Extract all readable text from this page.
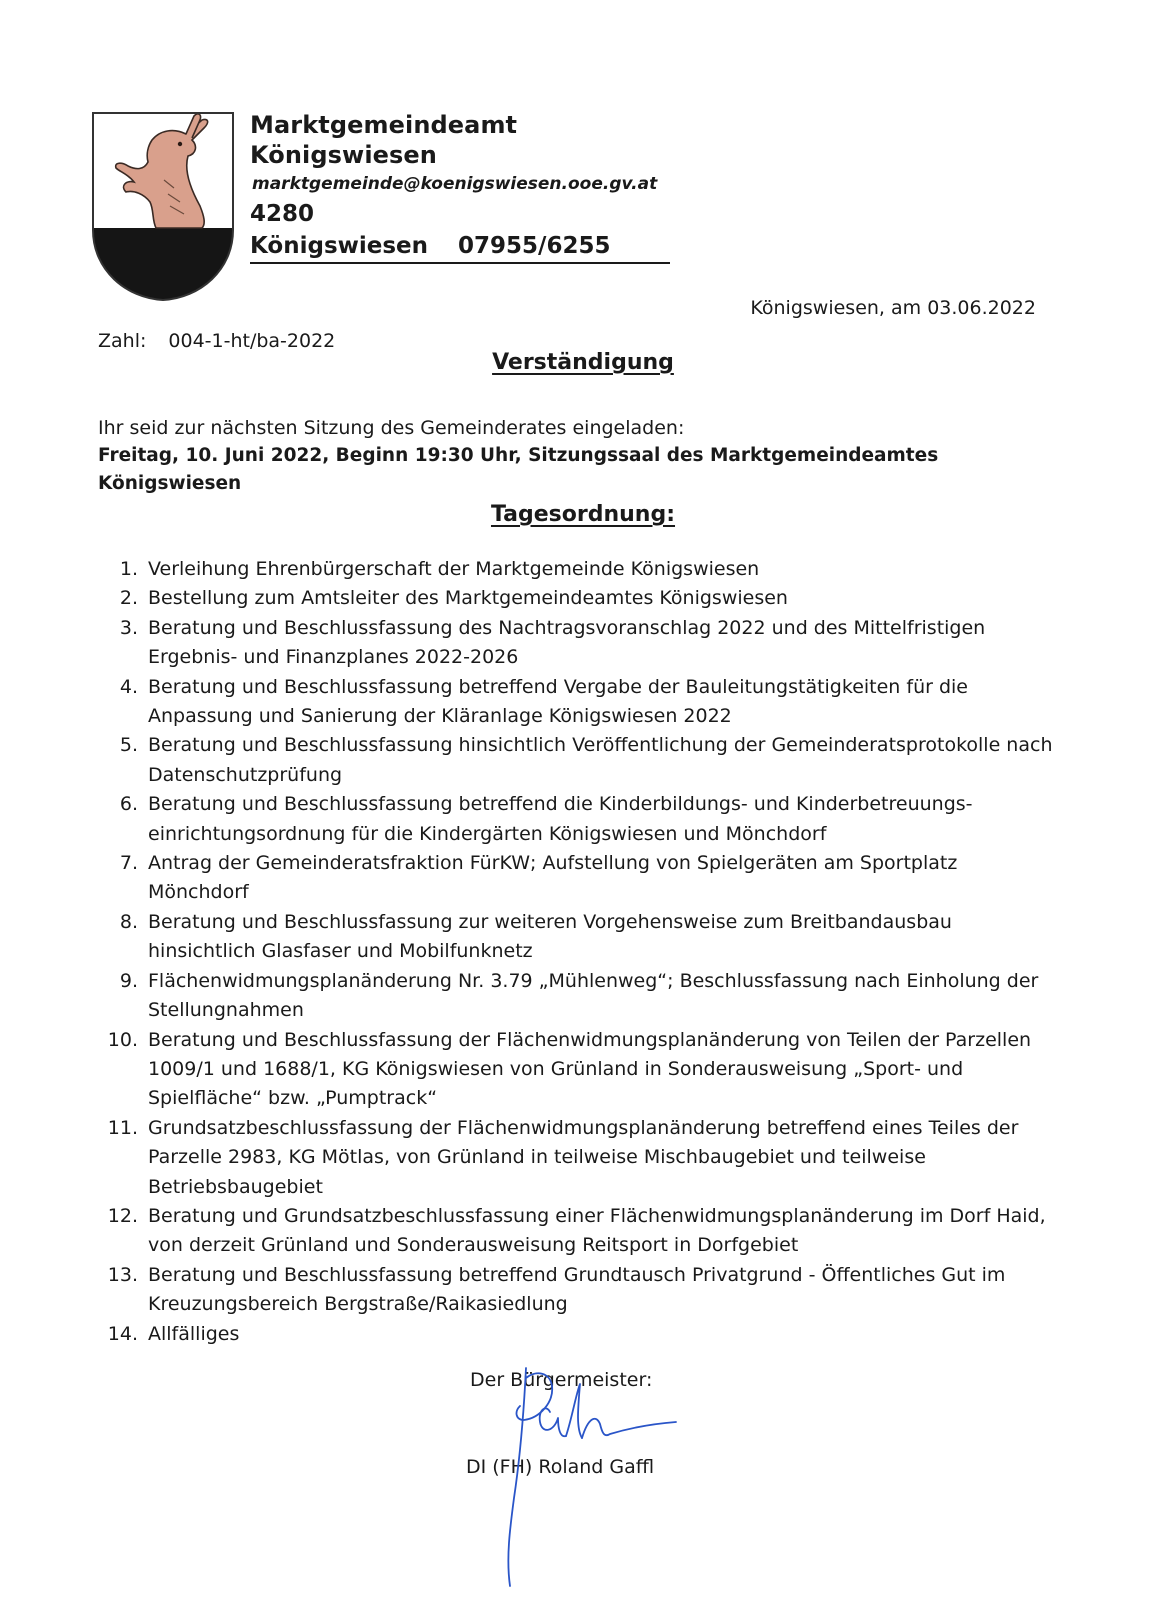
Marktgemeindeamt Königswiesen
marktgemeinde@koenigswiesen.ooe.gv.at
4280 Königswiesen 07955/6255
Königswiesen, am 03.06.2022
Zahl: 004-1-ht/ba-2022
Verständigung
Ihr seid zur nächsten Sitzung des Gemeinderates eingeladen:
Freitag, 10. Juni 2022, Beginn 19:30 Uhr, Sitzungssaal des Marktgemeindeamtes Königswiesen
Tagesordnung:
1. Verleihung Ehrenbürgerschaft der Marktgemeinde Königswiesen
2. Bestellung zum Amtsleiter des Marktgemeindeamtes Königswiesen
3. Beratung und Beschlussfassung des Nachtragsvoranschlag 2022 und des Mittelfristigen Ergebnis- und Finanzplanes 2022-2026
4. Beratung und Beschlussfassung betreffend Vergabe der Bauleitungstätigkeiten für die Anpassung und Sanierung der Kläranlage Königswiesen 2022
5. Beratung und Beschlussfassung hinsichtlich Veröffentlichung der Gemeinderatsprotokolle nach Datenschutzprüfung
6. Beratung und Beschlussfassung betreffend die Kinderbildungs- und Kinderbetreuungs-einrichtungsordnung für die Kindergärten Königswiesen und Mönchdorf
7. Antrag der Gemeinderatsfraktion FürKW; Aufstellung von Spielgeräten am Sportplatz Mönchdorf
8. Beratung und Beschlussfassung zur weiteren Vorgehensweise zum Breitbandausbau hinsichtlich Glasfaser und Mobilfunknetz
9. Flächenwidmungsplanänderung Nr. 3.79 „Mühlenweg“; Beschlussfassung nach Einholung der Stellungnahmen
10. Beratung und Beschlussfassung der Flächenwidmungsplanänderung von Teilen der Parzellen 1009/1 und 1688/1, KG Königswiesen von Grünland in Sonderausweisung „Sport- und Spielfläche“ bzw. „Pumptrack“
11. Grundsatzbeschlussfassung der Flächenwidmungsplanänderung betreffend eines Teiles der Parzelle 2983, KG Mötlas, von Grünland in teilweise Mischbaugebiet und teilweise Betriebsbaugebiet
12. Beratung und Grundsatzbeschlussfassung einer Flächenwidmungsplanänderung im Dorf Haid, von derzeit Grünland und Sonderausweisung Reitsport in Dorfgebiet
13. Beratung und Beschlussfassung betreffend Grundtausch Privatgrund - Öffentliches Gut im Kreuzungsbereich Bergstraße/Raikasiedlung
14. Allfälliges
Der Bürgermeister:
DI (FH) Roland Gaffl
